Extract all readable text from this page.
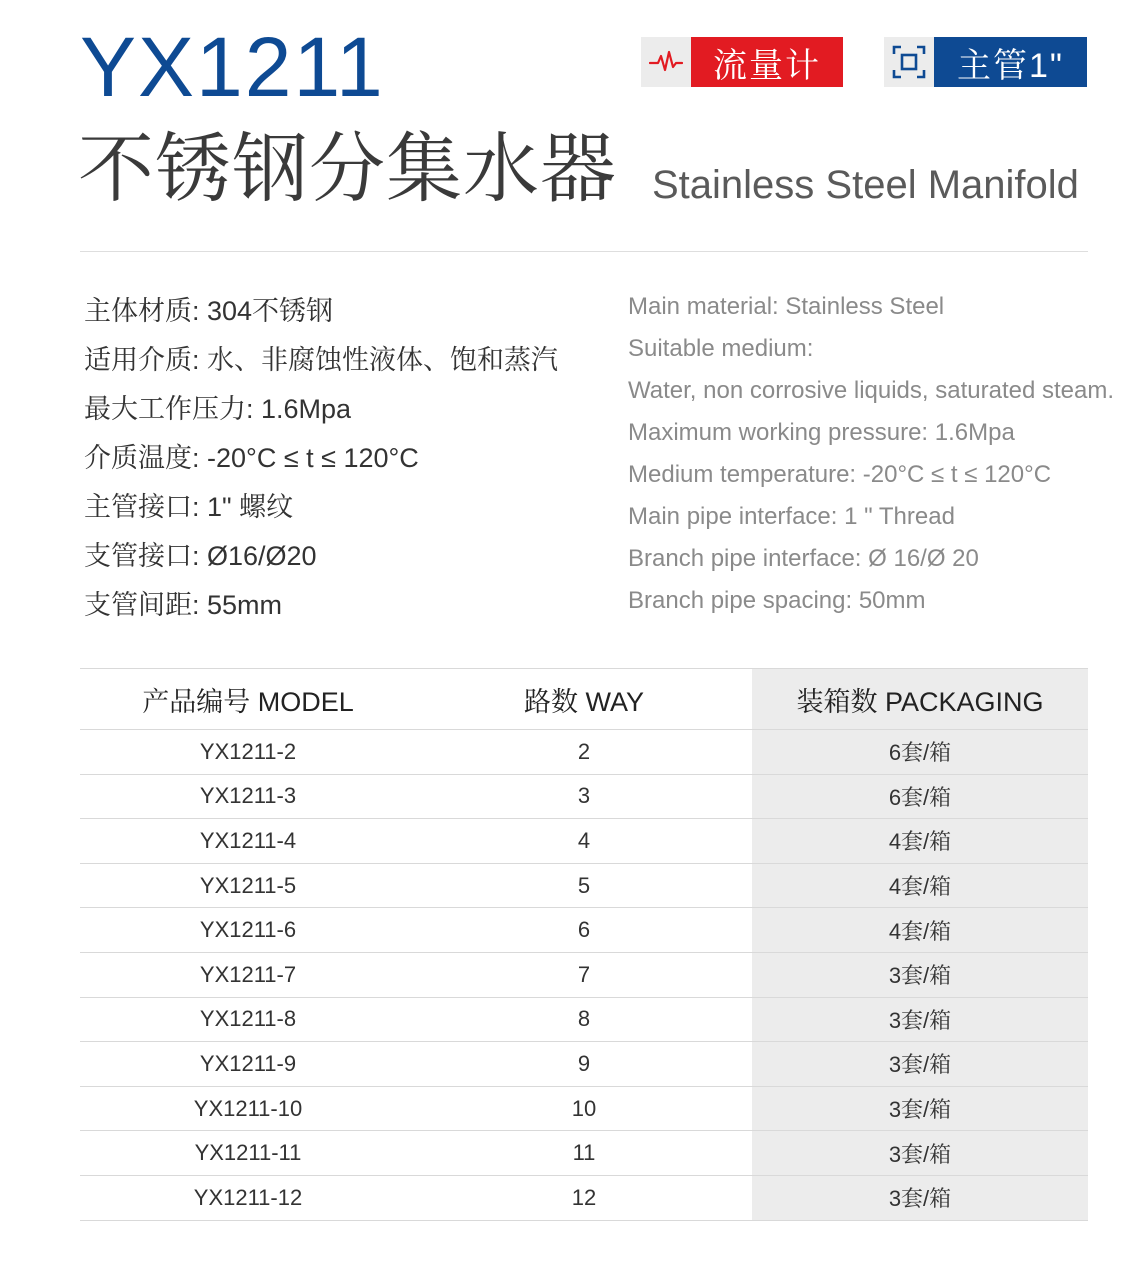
YX1211	流量计	主管1"
不锈钢分集水器 Stainless Steel Manifold
主体材质: 304不锈钢
适用介质: 水、非腐蚀性液体、饱和蒸汽
最大工作压力: 1.6Mpa
介质温度: -20°C ≤ t ≤ 120°C
主管接口: 1" 螺纹
支管接口: Ø16/Ø20
支管间距: 55mm
Main material: Stainless Steel
Suitable medium:
Water, non corrosive liquids, saturated steam.
Maximum working pressure: 1.6Mpa
Medium temperature: -20°C ≤ t ≤ 120°C
Main pipe interface: 1 " Thread
Branch pipe interface: Ø 16/Ø 20
Branch pipe spacing: 50mm
产品编号 MODEL	路数 WAY	装箱数 PACKAGING
YX1211-2	2	6套/箱
YX1211-3	3	6套/箱
YX1211-4	4	4套/箱
YX1211-5	5	4套/箱
YX1211-6	6	4套/箱
YX1211-7	7	3套/箱
YX1211-8	8	3套/箱
YX1211-9	9	3套/箱
YX1211-10	10	3套/箱
YX1211-11	11	3套/箱
YX1211-12	12	3套/箱
